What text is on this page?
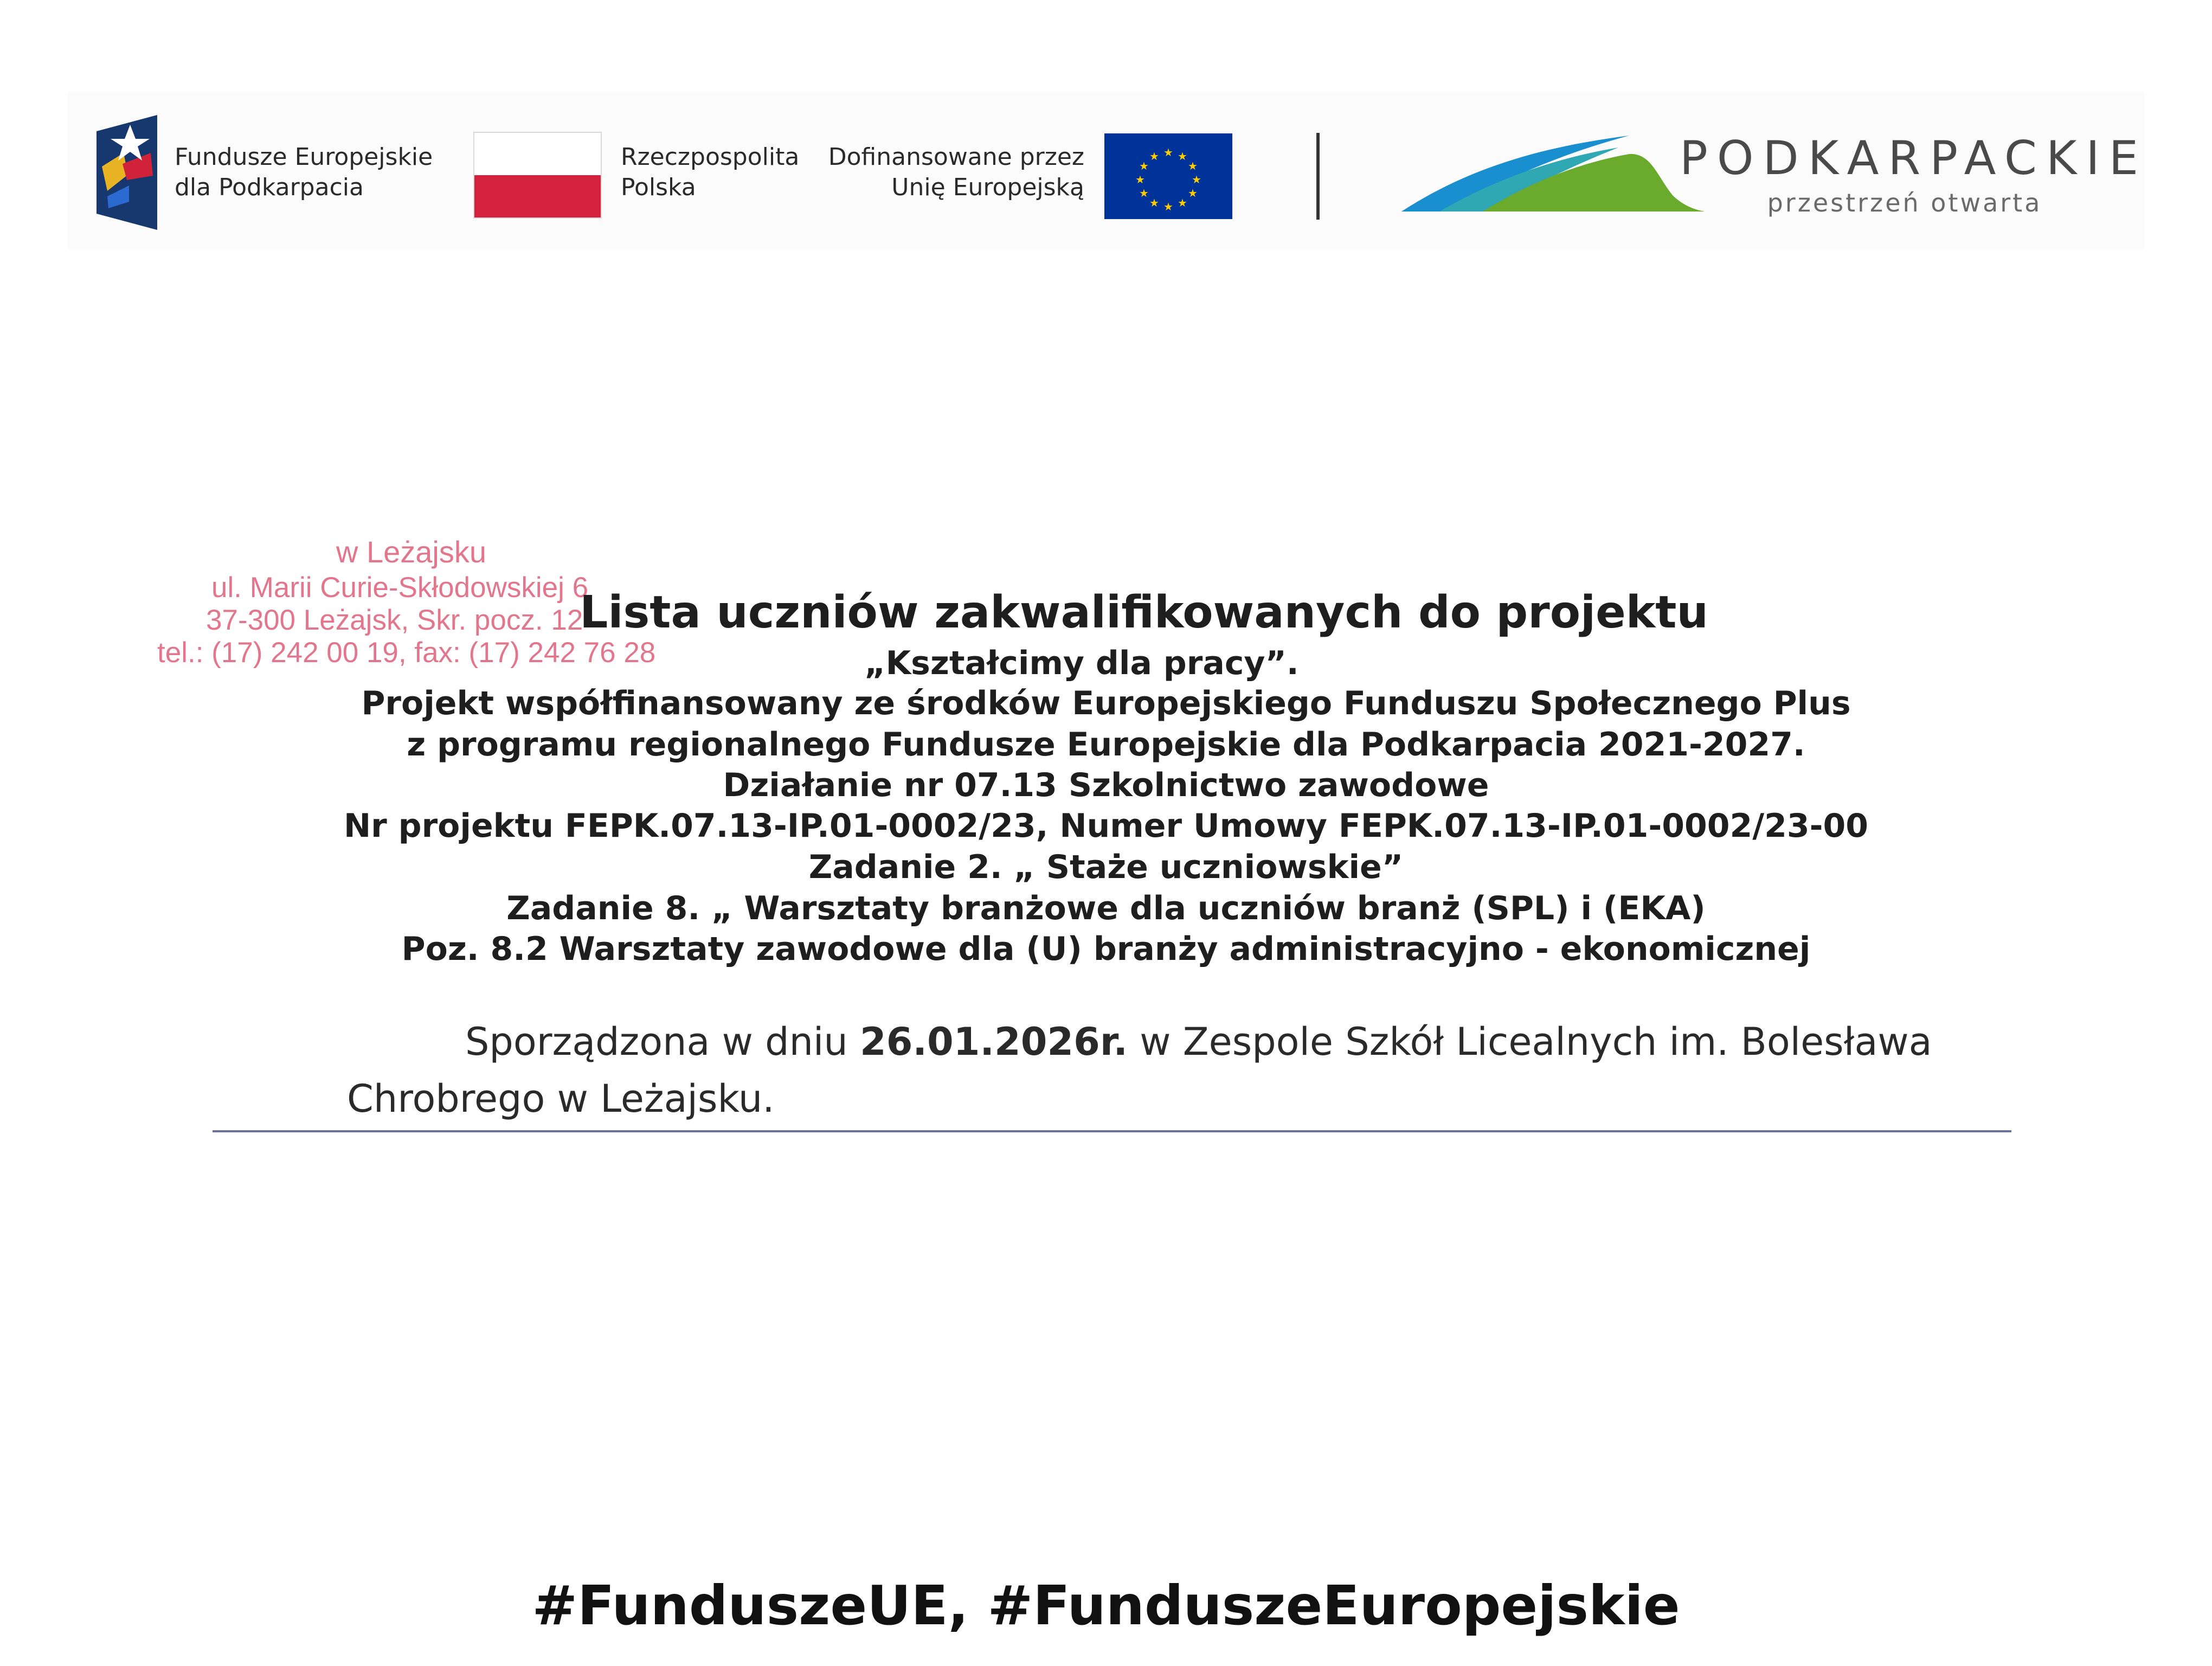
Fundusze Europejskie
dla Podkarpacia
Rzeczpospolita
Polska
Dofinansowane przez
Unię Europejską
★ ★
★
★
★
★
★
★
★
★
★
★	PODKARPACKIE
przestrzeń otwarta
w Leżajsku
ul. Marii Curie-Skłodowskiej 6
37-300 Leżajsk, Skr. pocz. 12
tel.: (17) 242 00 19, fax: (17) 242 76 28
Lista uczniów zakwalifikowanych do projektu
„Kształcimy dla pracy”.
Projekt współfinansowany ze środków Europejskiego Funduszu Społecznego Plus
z programu regionalnego Fundusze Europejskie dla Podkarpacia 2021-2027.
Działanie nr 07.13 Szkolnictwo zawodowe
Nr projektu FEPK.07.13-IP.01-0002/23, Numer Umowy FEPK.07.13-IP.01-0002/23-00
Zadanie 2. „ Staże uczniowskie”
Zadanie 8. „ Warsztaty branżowe dla uczniów branż (SPL) i (EKA)
Poz. 8.2 Warsztaty zawodowe dla (U) branży administracyjno - ekonomicznej
Sporządzona w dniu 26.01.2026r. w Zespole Szkół Licealnych im. Bolesława
Chrobrego w Leżajsku.
#FunduszeUE, #FunduszeEuropejskie
